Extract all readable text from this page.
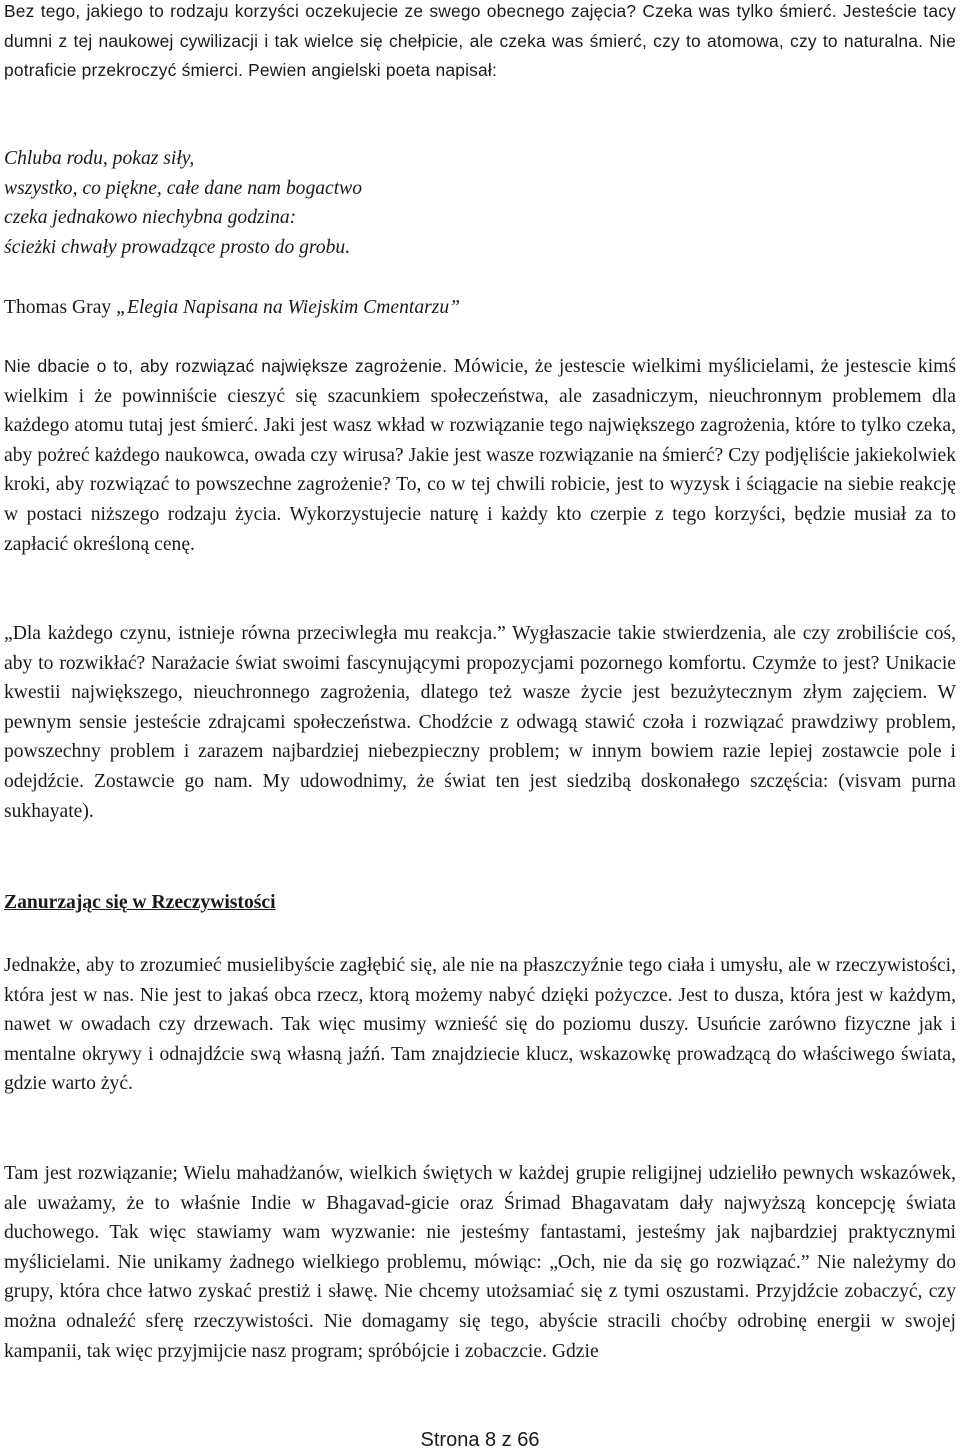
Bez tego, jakiego to rodzaju korzyści oczekujecie ze swego obecnego zajęcia? Czeka was tylko śmierć. Jesteście tacy dumni z tej naukowej cywilizacji i tak wielce się chełpicie, ale czeka was śmierć, czy to atomowa, czy to naturalna. Nie potraficie przekroczyć śmierci. Pewien angielski poeta napisał:

Chluba rodu, pokaz siły,
wszystko, co piękne, całe dane nam bogactwo
czeka jednakowo niechybna godzina:
ścieżki chwały prowadzące prosto do grobu.

Thomas Gray „Elegia Napisana na Wiejskim Cmentarzu”

Nie dbacie o to, aby rozwiązać największe zagrożenie. Mówicie, że jestescie wielkimi myślicielami, że jestescie kimś wielkim i że powinniście cieszyć się szacunkiem społeczeństwa, ale zasadniczym, nieuchronnym problemem dla każdego atomu tutaj jest śmierć. Jaki jest wasz wkład w rozwiązanie tego największego zagrożenia, które to tylko czeka, aby pożreć każdego naukowca, owada czy wirusa? Jakie jest wasze rozwiązanie na śmierć? Czy podjęliście jakiekolwiek kroki, aby rozwiązać to powszechne zagrożenie? To, co w tej chwili robicie, jest to wyzysk i ściągacie na siebie reakcję w postaci niższego rodzaju życia. Wykorzystujecie naturę i każdy kto czerpie z tego korzyści, będzie musiał za to zapłacić określoną cenę.

„Dla każdego czynu, istnieje równa przeciwległa mu reakcja.” Wygłaszacie takie stwierdzenia, ale czy zrobiliście coś, aby to rozwikłać? Narażacie świat swoimi fascynującymi propozycjami pozornego komfortu. Czymże to jest? Unikacie kwestii największego, nieuchronnego zagrożenia, dlatego też wasze życie jest bezużytecznym złym zajęciem. W pewnym sensie jesteście zdrajcami społeczeństwa. Chodźcie z odwagą stawić czoła i rozwiązać prawdziwy problem, powszechny problem i zarazem najbardziej niebezpieczny problem; w innym bowiem razie lepiej zostawcie pole i odejdźcie. Zostawcie go nam. My udowodnimy, że świat ten jest siedzibą doskonałego szczęścia: (visvam purna sukhayate).

Zanurzając się w Rzeczywistości

Jednakże, aby to zrozumieć musielibyście zagłębić się, ale nie na płaszczyźnie tego ciała i umysłu, ale w rzeczywistości, która jest w nas. Nie jest to jakaś obca rzecz, ktorą możemy nabyć dzięki pożyczce. Jest to dusza, która jest w każdym, nawet w owadach czy drzewach. Tak więc musimy wznieść się do poziomu duszy. Usuńcie zarówno fizyczne jak i mentalne okrywy i odnajdźcie swą własną jaźń. Tam znajdziecie klucz, wskazowkę prowadzącą do właściwego świata, gdzie warto żyć.

Tam jest rozwiązanie; Wielu mahadżanów, wielkich świętych w każdej grupie religijnej udzieliło pewnych wskazówek, ale uważamy, że to właśnie Indie w Bhagavad-gicie oraz Śrimad Bhagavatam dały najwyższą koncepcję świata duchowego. Tak więc stawiamy wam wyzwanie: nie jesteśmy fantastami, jesteśmy jak najbardziej praktycznymi myślicielami. Nie unikamy żadnego wielkiego problemu, mówiąc: „Och, nie da się go rozwiązać.” Nie należymy do grupy, która chce łatwo zyskać prestiż i sławę. Nie chcemy utożsamiać się z tymi oszustami. Przyjdźcie zobaczyć, czy można odnaleźć sferę rzeczywistości. Nie domagamy się tego, abyście stracili choćby odrobinę energii w swojej kampanii, tak więc przyjmijcie nasz program; spróbójcie i zobaczcie. Gdzie

Strona 8 z 66
